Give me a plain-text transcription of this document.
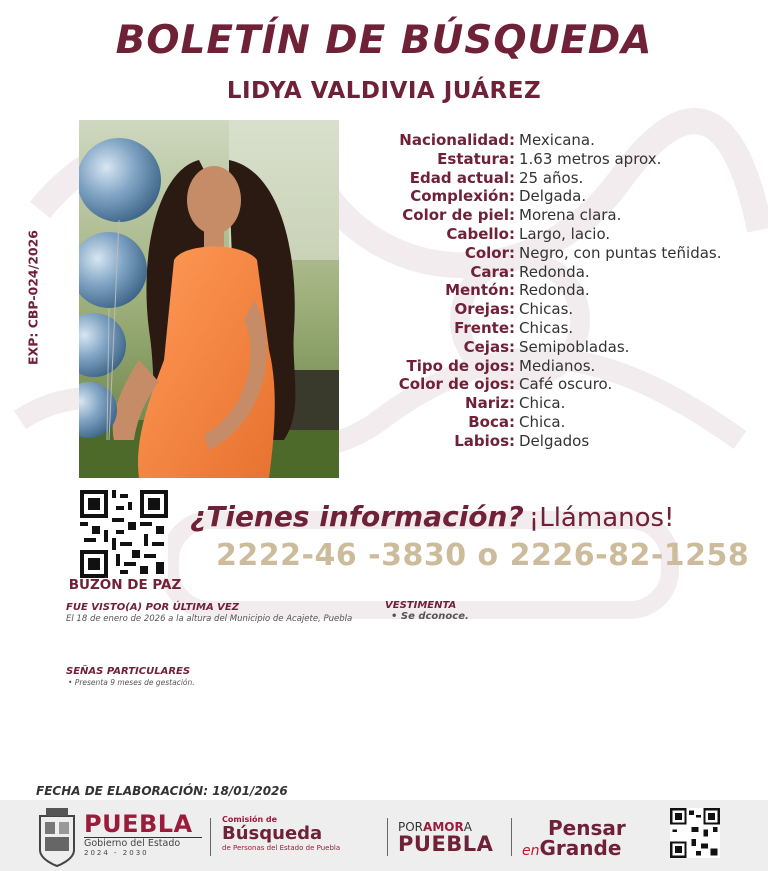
BOLETÍN DE BÚSQUEDA
LIDYA VALDIVIA JUÁREZ
EXP: CBP-024/2026
Nacionalidad: Mexicana.
Estatura: 1.63 metros aprox.
Edad actual: 25 años.
Complexión: Delgada.
Color de piel: Morena clara.
Cabello: Largo, lacio.
Color: Negro, con puntas teñidas.
Cara: Redonda.
Mentón: Redonda.
Orejas: Chicas.
Frente: Chicas.
Cejas: Semipobladas.
Tipo de ojos: Medianos.
Color de ojos: Café oscuro.
Nariz: Chica.
Boca: Chica.
Labios: Delgados
BUZÓN DE PAZ
¿Tienes información? ¡Llámanos!
2222-46 -3830 o 2226-82-1258
FUE VISTO(A) POR ÚLTIMA VEZ
El 18 de enero de 2026 a la altura del Municipio de Acajete, Puebla
VESTIMENTA
• Se dconoce.
SEÑAS PARTICULARES
• Presenta 9 meses de gestación.
FECHA DE ELABORACIÓN: 18/01/2026
PUEBLA
Gobierno del Estado
2024 - 2030
Comisión de
Búsqueda
de Personas del Estado de Puebla
PORAMORA
PUEBLA
Pensar
enGrande
